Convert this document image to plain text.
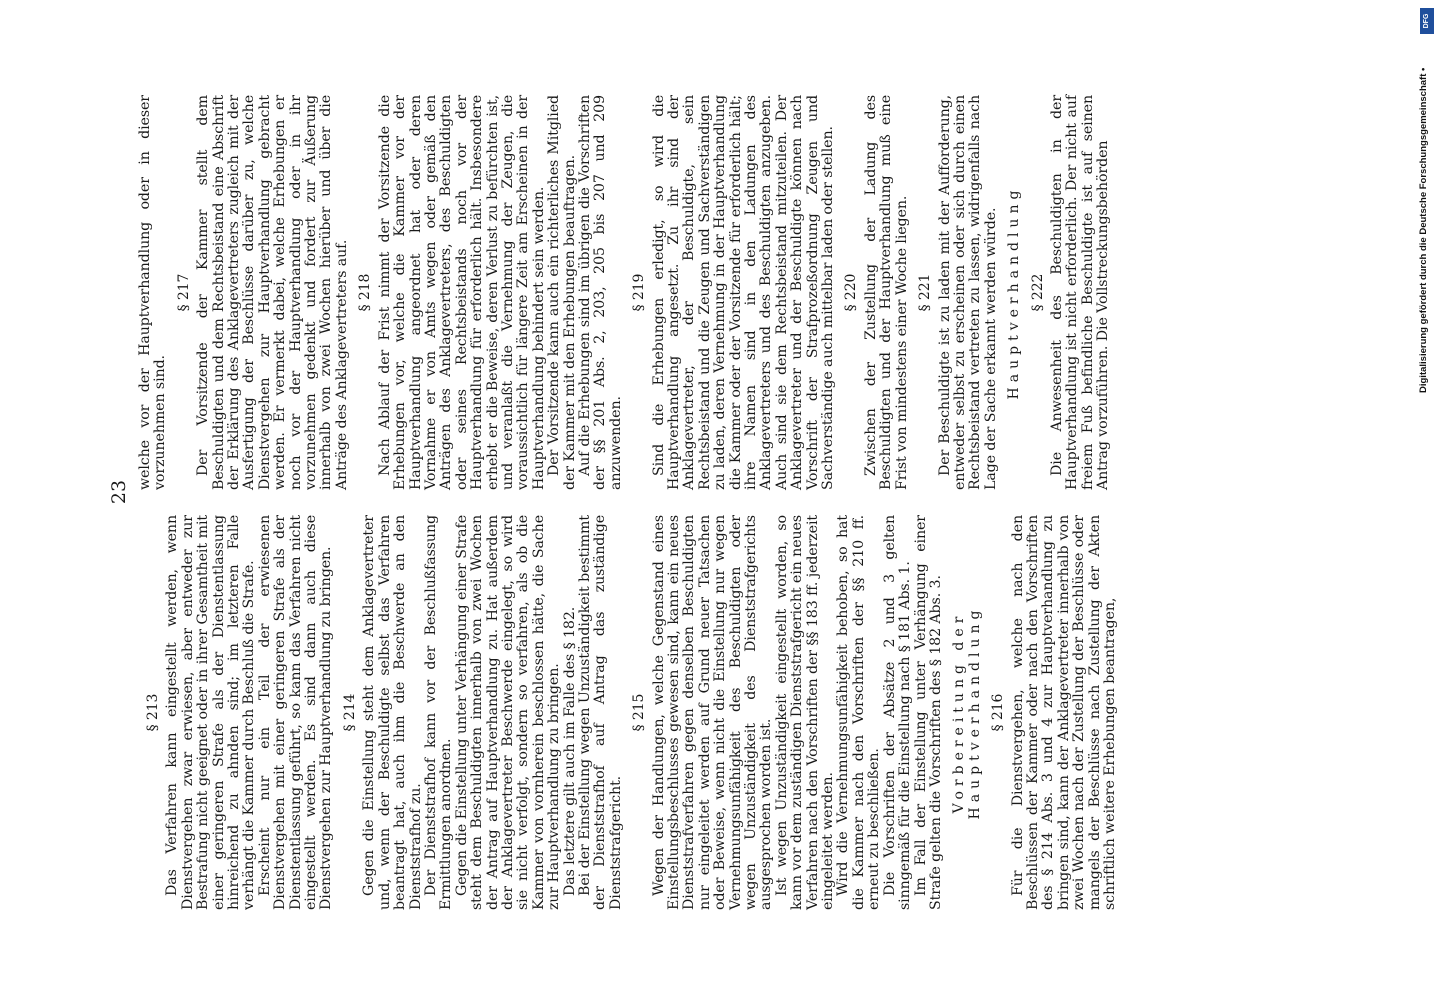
23
§ 213 Das Verfahren kann eingestellt werden, wenn Dienstvergehen zwar erwiesen, aber entweder zur Bestrafung nicht geeignet oder in ihrer Gesamtheit mit einer geringeren Strafe als der Dienstentlassung hinreichend zu ahnden sind; im letzteren Falle verhängt die Kammer durch Beschluß die Strafe. Erscheint nur ein Teil der erwiesenen Dienstvergehen mit einer geringeren Strafe als der Dienstentlassung geführt, so kann das Verfahren nicht eingestellt werden. Es sind dann auch diese Dienstvergehen zur Hauptverhandlung zu bringen. § 214 Gegen die Einstellung steht dem Anklagevertreter und, wenn der Beschuldigte selbst das Verfahren beantragt hat, auch ihm die Beschwerde an den Dienststrafhof zu. Der Dienststrafhof kann vor der Beschlußfassung Ermittlungen anordnen. Gegen die Einstellung unter Verhängung einer Strafe steht dem Beschuldigten innerhalb von zwei Wochen der Antrag auf Hauptverhandlung zu. Hat außerdem der Anklagevertreter Beschwerde eingelegt, so wird sie nicht verfolgt, sondern so verfahren, als ob die Kammer von vornherein beschlossen hätte, die Sache zur Hauptverhandlung zu bringen. Das letztere gilt auch im Falle des § 182. Bei der Einstellung wegen Unzuständigkeit bestimmt der Dienststrafhof auf Antrag das zuständige Dienststrafgericht.

§ 215 Wegen der Handlungen, welche Gegenstand eines Einstellungsbeschlusses gewesen sind, kann ein neues Dienststrafverfahren gegen denselben Beschuldigten nur eingeleitet werden auf Grund neuer Tatsachen oder Beweise, wenn nicht die Einstellung nur wegen Vernehmungsunfähigkeit des Beschuldigten oder wegen Unzuständigkeit des Dienststrafgerichts ausgesprochen worden ist. Ist wegen Unzuständigkeit eingestellt worden, so kann vor dem zuständigen Dienststrafgericht ein neues Verfahren nach den Vorschriften der §§ 183 ff. jederzeit eingeleitet werden. Wird die Vernehmungsunfähigkeit behoben, so hat die Kammer nach den Vorschriften der §§ 210 ff. erneut zu beschließen. Die Vorschriften der Absätze 2 und 3 gelten sinngemäß für die Einstellung nach § 181 Abs. 1. Im Fall der Einstellung unter Verhängung einer Strafe gelten die Vorschriften des § 182 Abs. 3. Vorbereitung der Hauptverhandlung § 216 Für die Dienstvergehen, welche nach den Beschlüssen der Kammer oder nach den Vorschriften des § 214 Abs. 3 und 4 zur Hauptverhandlung zu bringen sind, kann der Anklagevertreter innerhalb von zwei Wochen nach der Zustellung der Beschlüsse oder mangels der Beschlüsse nach Zustellung der Akten schriftlich weitere Erhebungen beantragen,

welche vor der Hauptverhandlung oder in dieser vorzunehmen sind.

§ 217 Der Vorsitzende der Kammer stellt dem Beschuldigten und dem Rechtsbeistand eine Abschrift der Erklärung des Anklagevertreters zugleich mit der Ausfertigung der Beschlüsse darüber zu, welche Dienstvergehen zur Hauptverhandlung gebracht werden. Er vermerkt dabei, welche Erhebungen er noch vor der Hauptverhandlung oder in ihr vorzunehmen gedenkt und fordert zur Äußerung innerhalb von zwei Wochen hierüber und über die Anträge des Anklagevertreters auf. § 218 Nach Ablauf der Frist nimmt der Vorsitzende die Erhebungen vor, welche die Kammer vor der Hauptverhandlung angeordnet hat oder deren Vornahme er von Amts wegen oder gemäß den Anträgen des Anklagevertreters, des Beschuldigten oder seines Rechtsbeistands noch vor der Hauptverhandlung für erforderlich hält. Insbesondere erhebt er die Beweise, deren Verlust zu befürchten ist, und veranlaßt die Vernehmung der Zeugen, die voraussichtlich für längere Zeit am Erscheinen in der Hauptverhandlung behindert sein werden. Der Vorsitzende kann auch ein richterliches Mitglied der Kammer mit den Erhebungen beauftragen. Auf die Erhebungen sind im übrigen die Vorschriften der §§ 201 Abs. 2, 203, 205 bis 207 und 209 anzuwenden.

§ 219 Sind die Erhebungen erledigt, so wird die Hauptverhandlung angesetzt. Zu ihr sind der Anklagevertreter, der Beschuldigte, sein Rechtsbeistand und die Zeugen und Sachverständigen zu laden, deren Vernehmung in der Hauptverhandlung die Kammer oder der Vorsitzende für erforderlich hält; ihre Namen sind in den Ladungen des Anklagevertreters und des Beschuldigten anzugeben. Auch sind sie dem Rechtsbeistand mitzuteilen. Der Anklagevertreter und der Beschuldigte können nach Vorschrift der Strafprozeßordnung Zeugen und Sachverständige auch mittelbar laden oder stellen. § 220 Zwischen der Zustellung der Ladung des Beschuldigten und der Hauptverhandlung muß eine Frist von mindestens einer Woche liegen. § 221 Der Beschuldigte ist zu laden mit der Aufforderung, entweder selbst zu erscheinen oder sich durch einen Rechtsbeistand vertreten zu lassen, widrigenfalls nach Lage der Sache erkannt werden würde. Hauptverhandlung § 222 Die Anwesenheit des Beschuldigten in der Hauptverhandlung ist nicht erforderlich. Der nicht auf freiem Fuß befindliche Beschuldigte ist auf seinen Antrag vorzuführen. Die Vollstreckungsbehörden	Digitalisierung gefördert durch die Deutsche Forschungsgemeinschaft •
DFG
